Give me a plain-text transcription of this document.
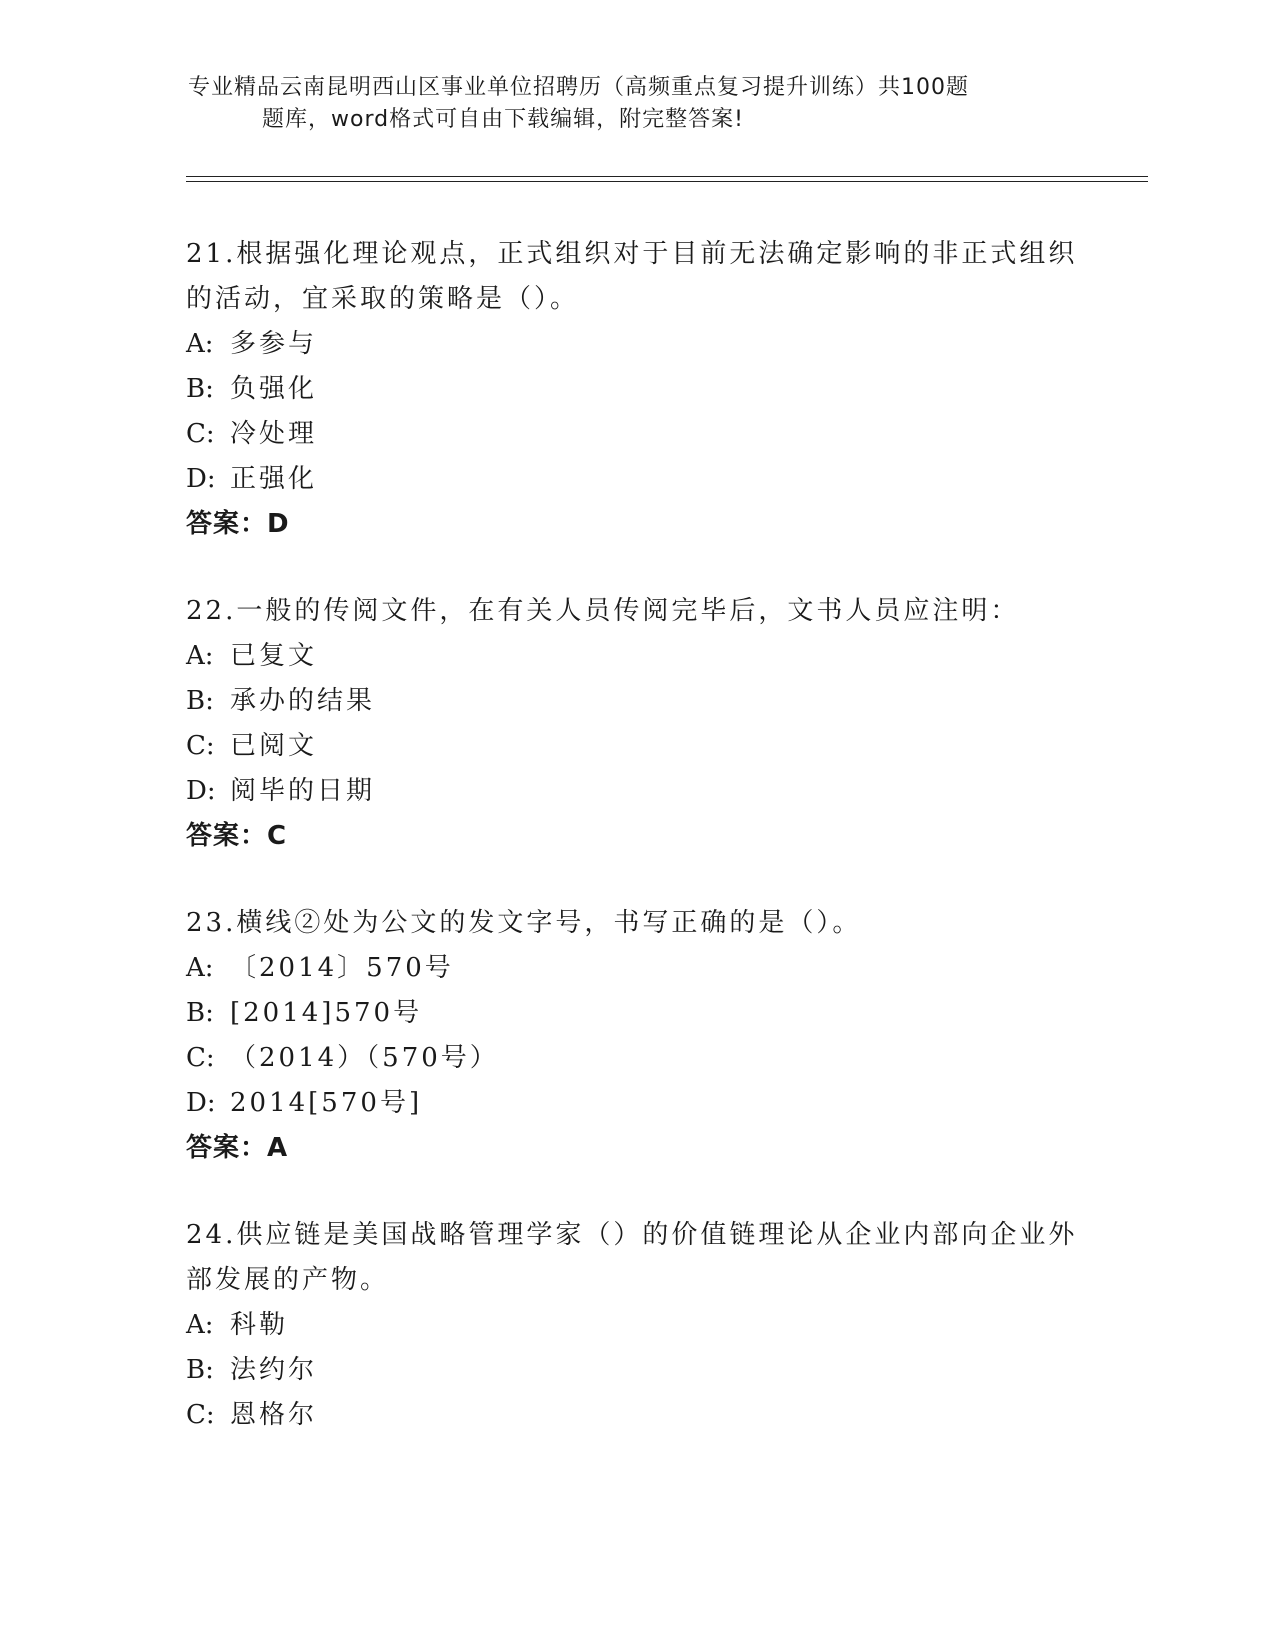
专业精品云南昆明西山区事业单位招聘历（高频重点复习提升训练）共100题
题库，word格式可自由下载编辑，附完整答案!
21.根据强化理论观点，正式组织对于目前无法确定影响的非正式组织的活动，宜采取的策略是（）。
A: 多参与
B: 负强化
C: 冷处理
D: 正强化
答案：D
22.一般的传阅文件，在有关人员传阅完毕后，文书人员应注明：
A: 已复文
B: 承办的结果
C: 已阅文
D: 阅毕的日期
答案：C
23.横线②处为公文的发文字号，书写正确的是（）。
A: 〔2014〕570号
B: [2014]570号
C: （2014）（570号）
D: 2014[570号]
答案：A
24.供应链是美国战略管理学家（）的价值链理论从企业内部向企业外部发展的产物。
A: 科勒
B: 法约尔
C: 恩格尔
